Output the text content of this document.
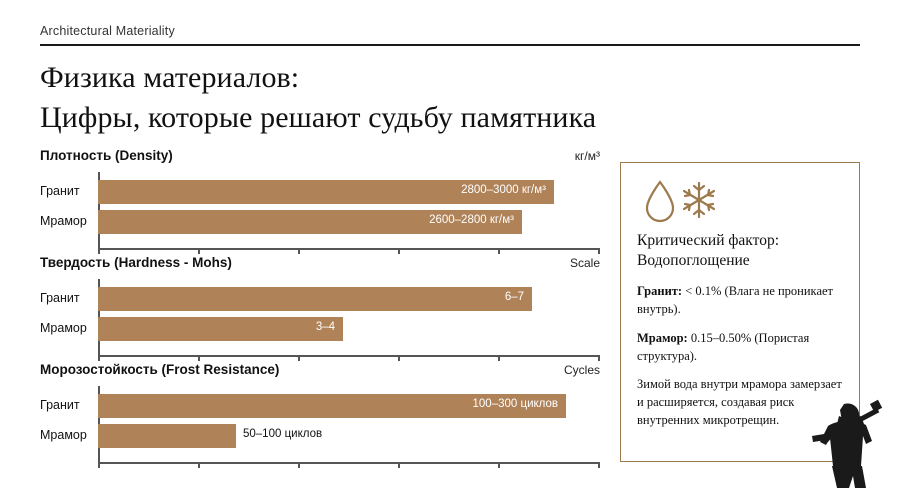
Architectural Materiality
Физика материалов:
Цифры, которые решают судьбу памятника
Плотность (Density)	кг/м³
Гранит	2800–3000 кг/м³
Мрамор	2600–2800 кг/м³
Твердость (Hardness - Mohs)	Scale
Гранит	6–7
Мрамор	3–4
Морозостойкость (Frost Resistance)	Cycles
Гранит	100–300 циклов
Мрамор	50–100 циклов
Критический фактор:
Водопоглощение

Гранит: < 0.1% (Влага не проникает внутрь).

Мрамор: 0.15–0.50% (Пористая структура).

Зимой вода внутри мрамора замерзает и расширяется, создавая риск внутренних микротрещин.
